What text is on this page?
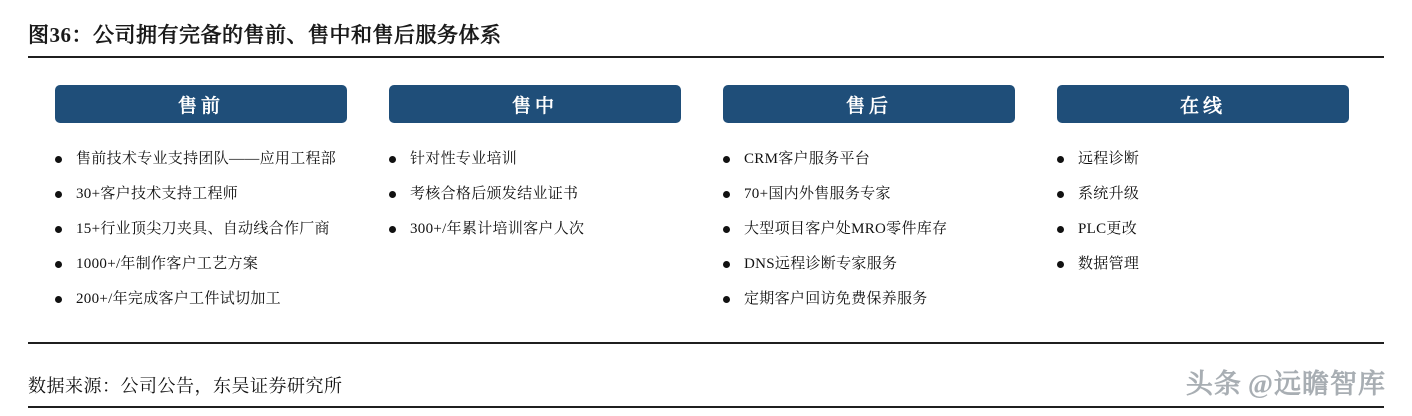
图36：公司拥有完备的售前、售中和售后服务体系
售前
售前技术专业支持团队——应用工程部
30+客户技术支持工程师
15+行业顶尖刀夹具、自动线合作厂商
1000+/年制作客户工艺方案
200+/年完成客户工件试切加工
售中
针对性专业培训
考核合格后颁发结业证书
300+/年累计培训客户人次
售后
CRM客户服务平台
70+国内外售服务专家
大型项目客户处MRO零件库存
DNS远程诊断专家服务
定期客户回访免费保养服务
在线
远程诊断
系统升级
PLC更改
数据管理
数据来源：公司公告，东吴证券研究所	头条 @远瞻智库
